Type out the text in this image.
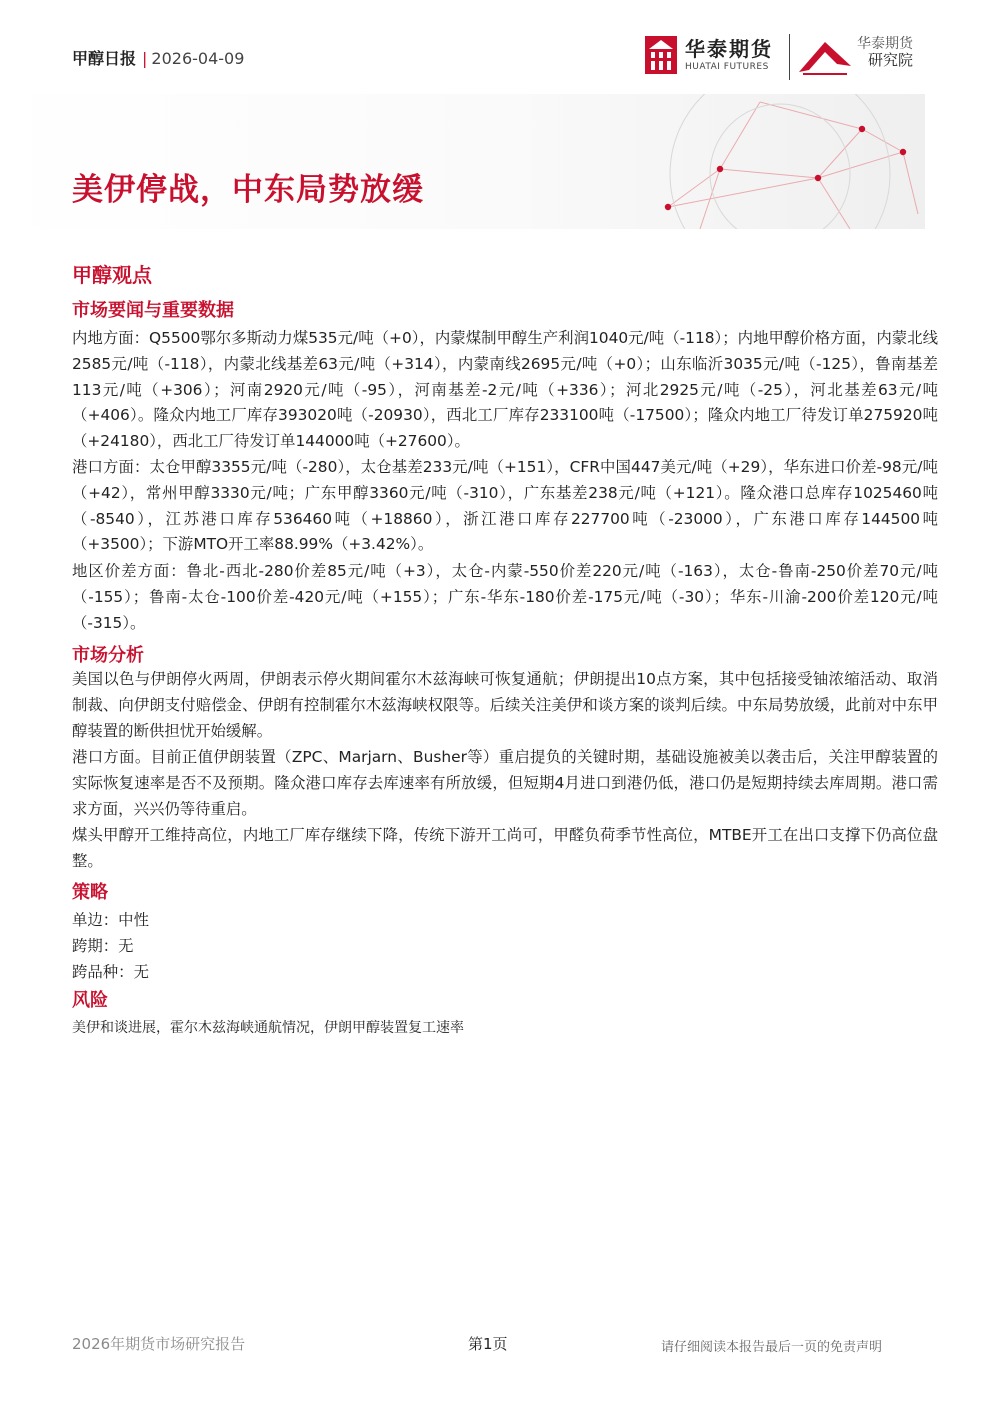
甲醇日报 | 2026-04-09	华泰期货
HUATAI FUTURES
华泰期货
研究院
美伊停战，中东局势放缓
甲醇观点
市场要闻与重要数据
内地方面：Q5500鄂尔多斯动力煤535元/吨（+0），内蒙煤制甲醇生产利润1040元/吨（-118）；内地甲醇价格方面，内蒙北线2585元/吨（-118），内蒙北线基差63元/吨（+314），内蒙南线2695元/吨（+0）；山东临沂3035元/吨（-125），鲁南基差113元/吨（+306）；河南2920元/吨（-95），河南基差-2元/吨（+336）；河北2925元/吨（-25），河北基差63元/吨（+406）。隆众内地工厂库存393020吨（-20930），西北工厂库存233100吨（-17500）；隆众内地工厂待发订单275920吨（+24180），西北工厂待发订单144000吨（+27600）。
港口方面：太仓甲醇3355元/吨（-280），太仓基差233元/吨（+151），CFR中国447美元/吨（+29），华东进口价差-98元/吨（+42），常州甲醇3330元/吨；广东甲醇3360元/吨（-310），广东基差238元/吨（+121）。隆众港口总库存1025460吨（-8540），江苏港口库存536460吨（+18860），浙江港口库存227700吨（-23000），广东港口库存144500吨（+3500）；下游MTO开工率88.99%（+3.42%）。
地区价差方面：鲁北-西北-280价差85元/吨（+3），太仓-内蒙-550价差220元/吨（-163），太仓-鲁南-250价差70元/吨（-155）；鲁南-太仓-100价差-420元/吨（+155）；广东-华东-180价差-175元/吨（-30）；华东-川渝-200价差120元/吨（-315）。
市场分析
美国以色与伊朗停火两周，伊朗表示停火期间霍尔木兹海峡可恢复通航；伊朗提出10点方案，其中包括接受铀浓缩活动、取消制裁、向伊朗支付赔偿金、伊朗有控制霍尔木兹海峡权限等。后续关注美伊和谈方案的谈判后续。中东局势放缓，此前对中东甲醇装置的断供担忧开始缓解。
港口方面。目前正值伊朗装置（ZPC、Marjarn、Busher等）重启提负的关键时期，基础设施被美以袭击后，关注甲醇装置的实际恢复速率是否不及预期。隆众港口库存去库速率有所放缓，但短期4月进口到港仍低，港口仍是短期持续去库周期。港口需求方面，兴兴仍等待重启。
煤头甲醇开工维持高位，内地工厂库存继续下降，传统下游开工尚可，甲醛负荷季节性高位，MTBE开工在出口支撑下仍高位盘整。
策略
单边：中性
跨期：无
跨品种：无
风险
美伊和谈进展，霍尔木兹海峡通航情况，伊朗甲醇装置复工速率
2026年期货市场研究报告	第1页	请仔细阅读本报告最后一页的免责声明
